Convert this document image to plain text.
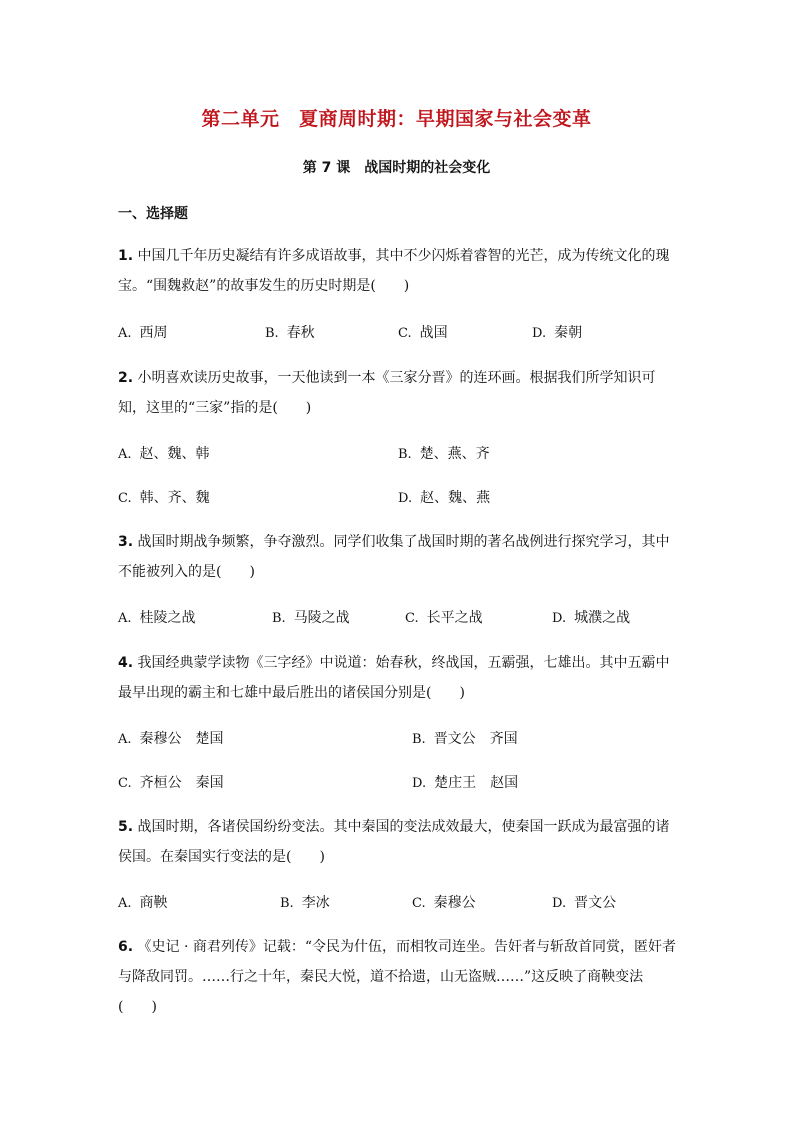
第二单元　夏商周时期：早期国家与社会变革
第 7 课　战国时期的社会变化
一、选择题
1. 中国几千年历史凝结有许多成语故事，其中不少闪烁着睿智的光芒，成为传统文化的瑰宝。“围魏救赵”的故事发生的历史时期是(　　)
A. 西周	B. 春秋	C. 战国	D. 秦朝
2. 小明喜欢读历史故事，一天他读到一本《三家分晋》的连环画。根据我们所学知识可知，这里的“三家”指的是(　　)
A. 赵、魏、韩	B. 楚、燕、齐
C. 韩、齐、魏	D. 赵、魏、燕
3. 战国时期战争频繁，争夺激烈。同学们收集了战国时期的著名战例进行探究学习，其中不能被列入的是(　　)
A. 桂陵之战	B. 马陵之战	C. 长平之战	D. 城濮之战
4. 我国经典蒙学读物《三字经》中说道：始春秋，终战国，五霸强，七雄出。其中五霸中最早出现的霸主和七雄中最后胜出的诸侯国分别是(　　)
A. 秦穆公　楚国	B. 晋文公　齐国
C. 齐桓公　秦国	D. 楚庄王　赵国
5. 战国时期，各诸侯国纷纷变法。其中秦国的变法成效最大，使秦国一跃成为最富强的诸侯国。在秦国实行变法的是(　　)
A. 商鞅	B. 李冰	C. 秦穆公	D. 晋文公
6. 《史记 · 商君列传》记载：“令民为什伍，而相牧司连坐。告奸者与斩敌首同赏，匿奸者与降敌同罚。……行之十年，秦民大悦，道不拾遗，山无盗贼……”这反映了商鞅变法(　　)
